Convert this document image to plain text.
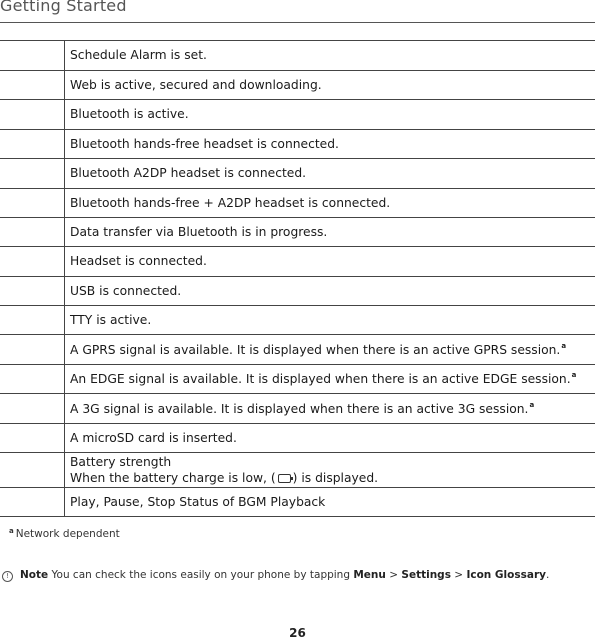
Getting Started
	Schedule Alarm is set.
	Web is active, secured and downloading.
	Bluetooth is active.
	Bluetooth hands-free headset is connected.
	Bluetooth A2DP headset is connected.
	Bluetooth hands-free + A2DP headset is connected.
	Data transfer via Bluetooth is in progress.
	Headset is connected.
	USB is connected.
	TTY is active.
	A GPRS signal is available. It is displayed when there is an active GPRS session.$^a$
	An EDGE signal is available. It is displayed when there is an active EDGE session.$^a$
	A 3G signal is available. It is displayed when there is an active 3G session.$^a$
	A microSD card is inserted.

	Battery strength
When the battery charge is low, ( ) is displayed.

	Play, Pause, Stop Status of BGM Playback
$^a$ Network dependent
! Note You can check the icons easily on your phone by tapping Menu > Settings > Icon Glossary.
26
